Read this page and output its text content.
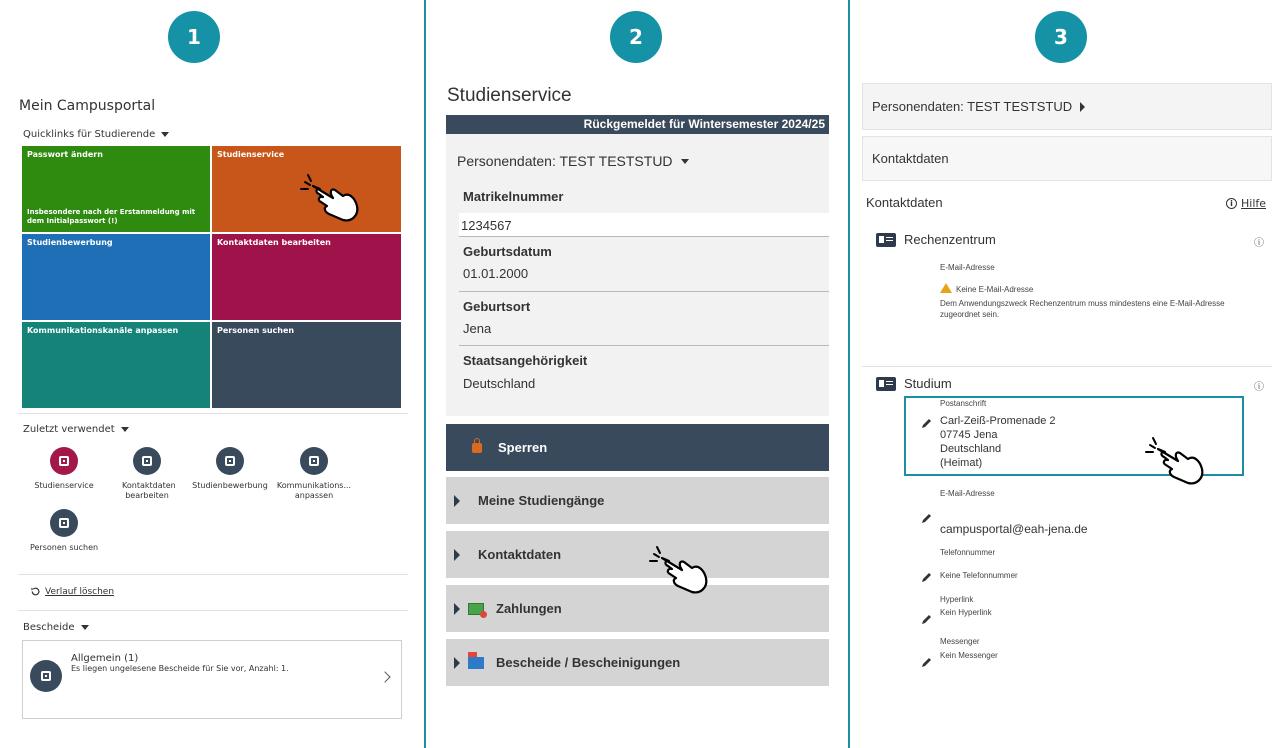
1	2	3
Mein Campusportal
Quicklinks für Studierende
Passwort ändern
Insbesondere nach der Erstanmeldung mit dem Initialpasswort (!)
Studienservice
Studienbewerbung	Kontaktdaten bearbeiten
Kommunikationskanäle anpassen	Personen suchen
Zuletzt verwendet
Studienservice	Kontaktdaten bearbeiten
Studienbewerbung	Kommunikations... anpassen
Personen suchen
Verlauf löschen
Bescheide
Allgemein (1)
Es liegen ungelesene Bescheide für Sie vor, Anzahl: 1.
Studienservice
Rückgemeldet für Wintersemester 2024/25
Personendaten: TEST TESTSTUD
Matrikelnummer
1234567
Geburtsdatum
01.01.2000
Geburtsort
Jena
Staatsangehörigkeit
Deutschland
Sperren
Meine Studiengänge
Kontaktdaten
Zahlungen
Bescheide / Bescheinigungen
Personendaten: TEST TESTSTUD
Kontaktdaten
Kontaktdaten	i Hilfe
Rechenzentrum	ⓘ
E-Mail-Adresse
Keine E-Mail-Adresse
Dem Anwendungszweck Rechenzentrum muss mindestens eine E-Mail-Adresse zugeordnet sein.
Studium	ⓘ
Postanschrift
Carl-Zeiß-Promenade 2
07745 Jena
Deutschland
(Heimat)
E-Mail-Adresse
campusportal@eah-jena.de
Telefonnummer
Keine Telefonnummer
Hyperlink
Kein Hyperlink
Messenger
Kein Messenger
